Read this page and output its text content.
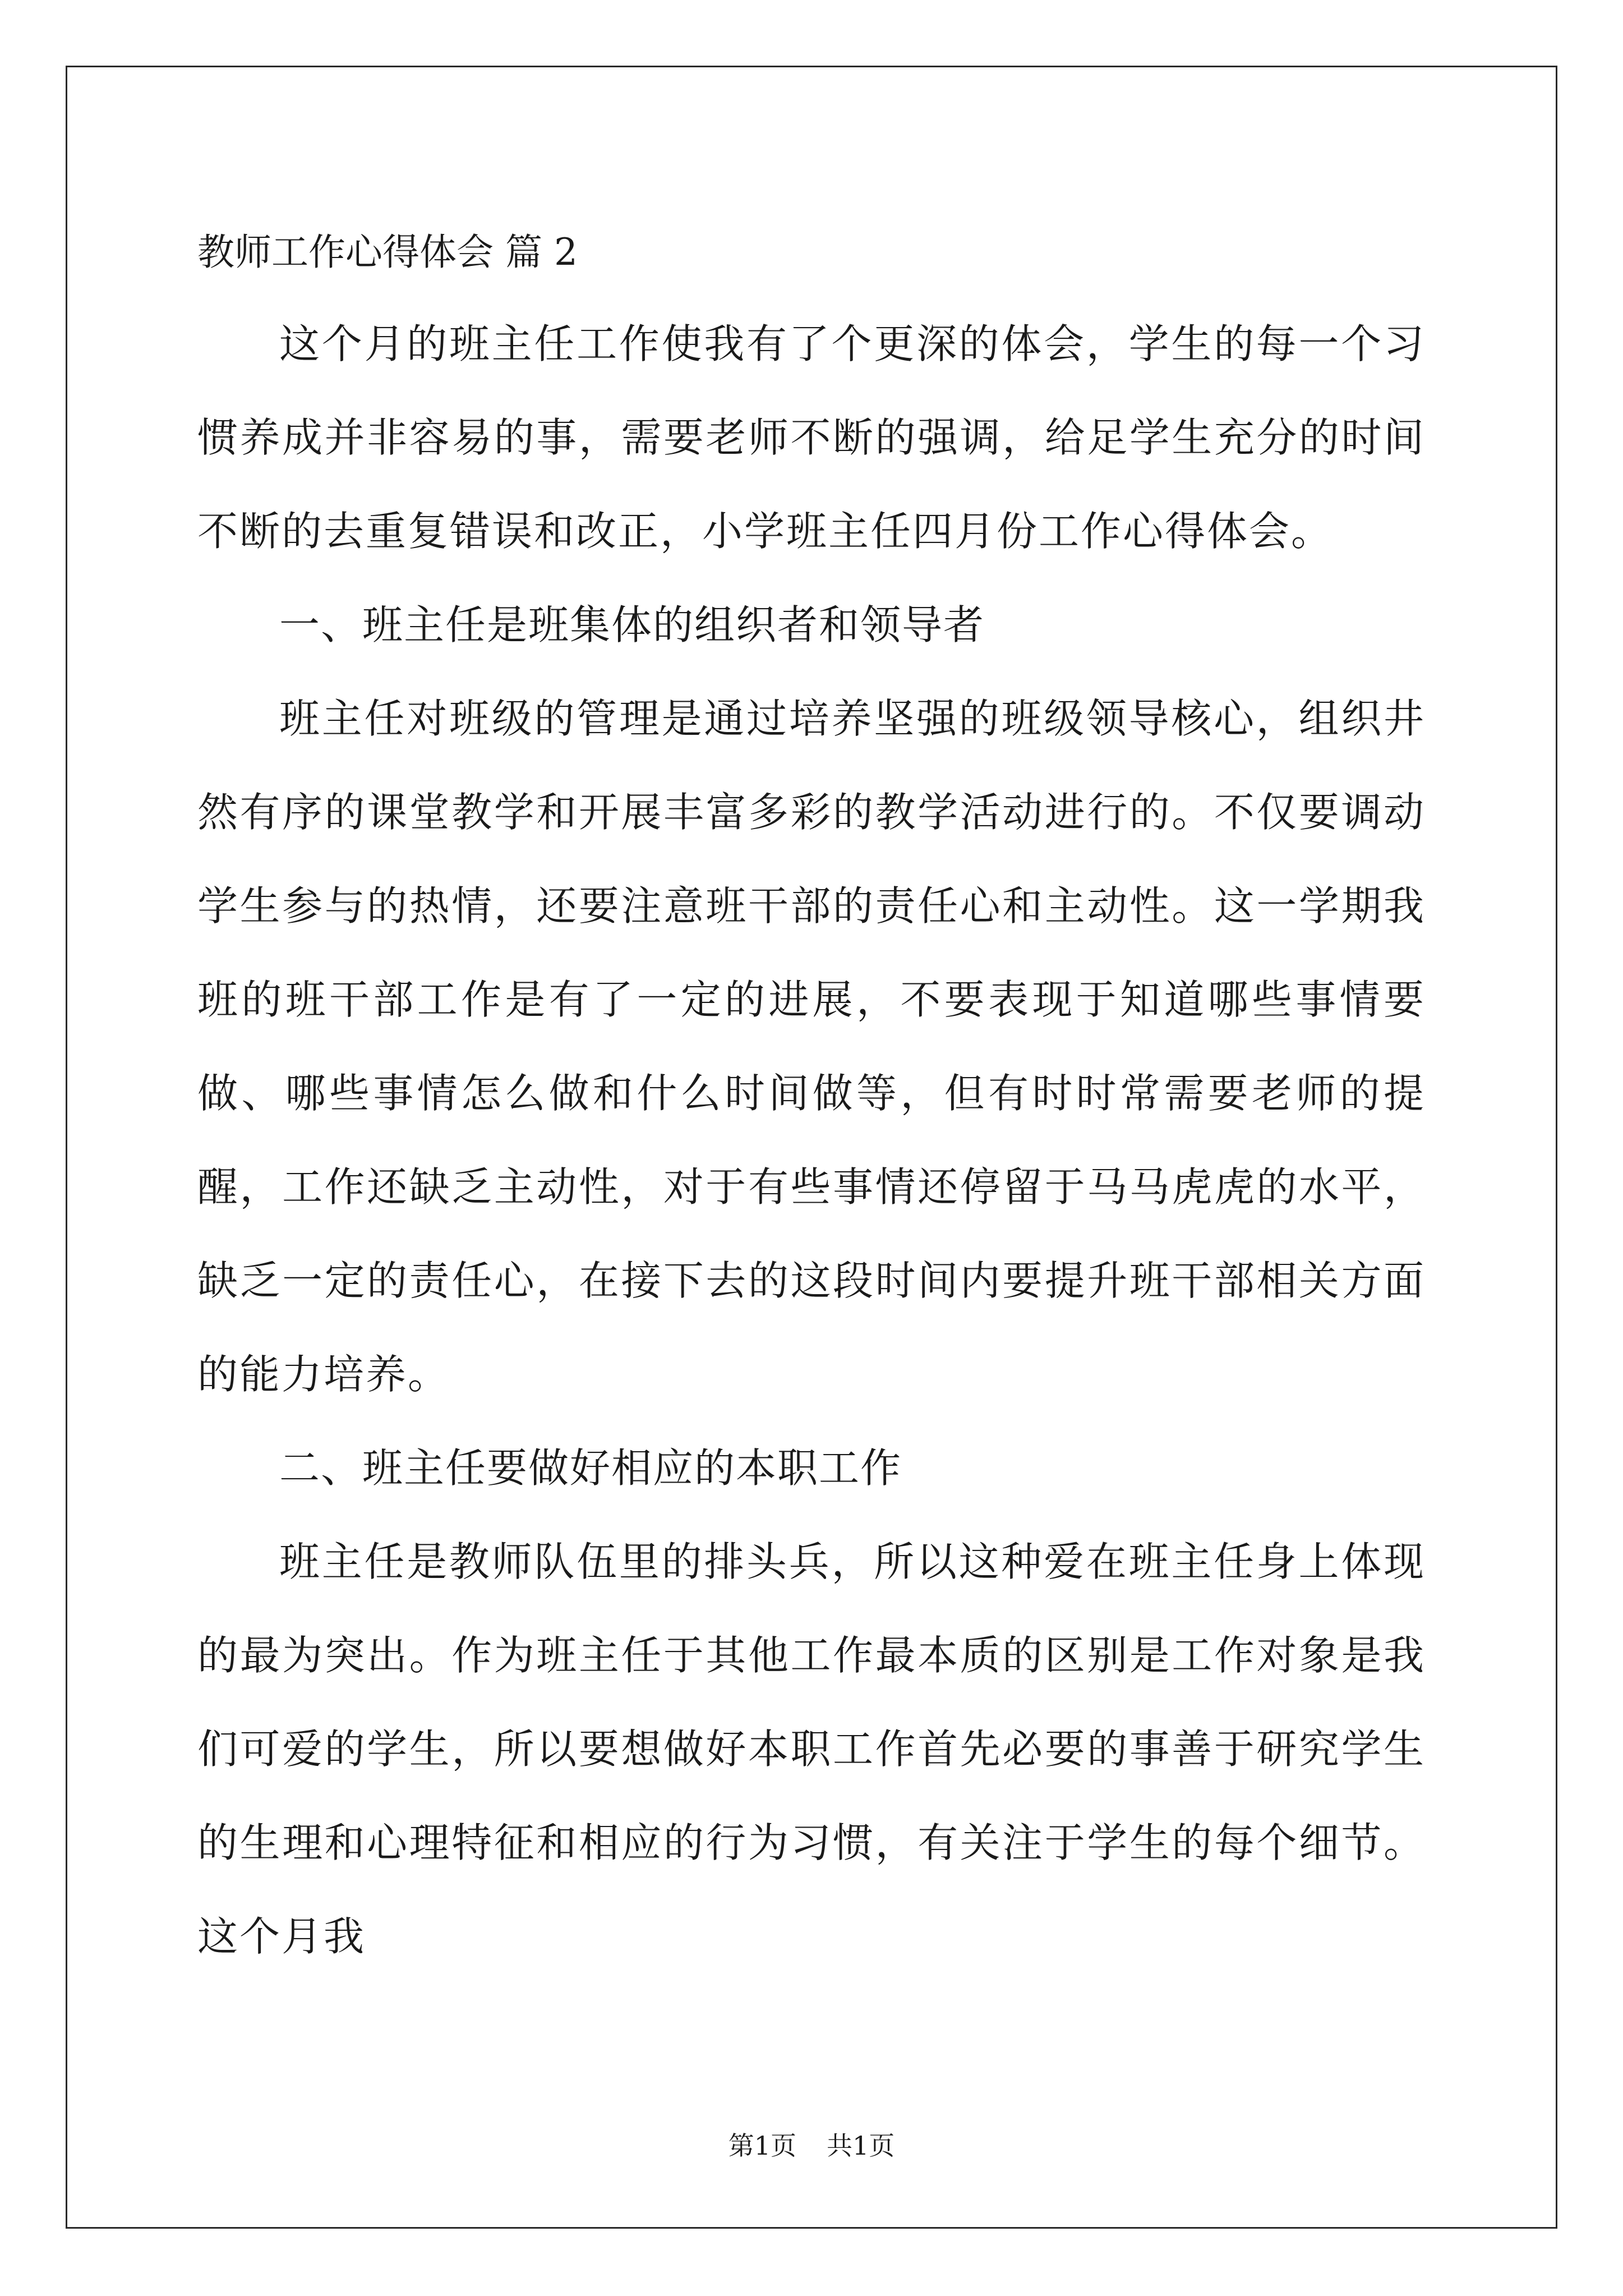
教师工作心得体会 篇 2

这个月的班主任工作使我有了个更深的体会，学生的每一个习惯养成并非容易的事，需要老师不断的强调，给足学生充分的时间不断的去重复错误和改正，小学班主任四月份工作心得体会。

一、班主任是班集体的组织者和领导者

班主任对班级的管理是通过培养坚强的班级领导核心，组织井然有序的课堂教学和开展丰富多彩的教学活动进行的。不仅要调动学生参与的热情，还要注意班干部的责任心和主动性。这一学期我班的班干部工作是有了一定的进展，不要表现于知道哪些事情要做、哪些事情怎么做和什么时间做等，但有时时常需要老师的提醒，工作还缺乏主动性，对于有些事情还停留于马马虎虎的水平，缺乏一定的责任心，在接下去的这段时间内要提升班干部相关方面的能力培养。

二、班主任要做好相应的本职工作

班主任是教师队伍里的排头兵，所以这种爱在班主任身上体现的最为突出。作为班主任于其他工作最本质的区别是工作对象是我们可爱的学生，所以要想做好本职工作首先必要的事善于研究学生的生理和心理特征和相应的行为习惯，有关注于学生的每个细节。这个月我

第1页 共1页
